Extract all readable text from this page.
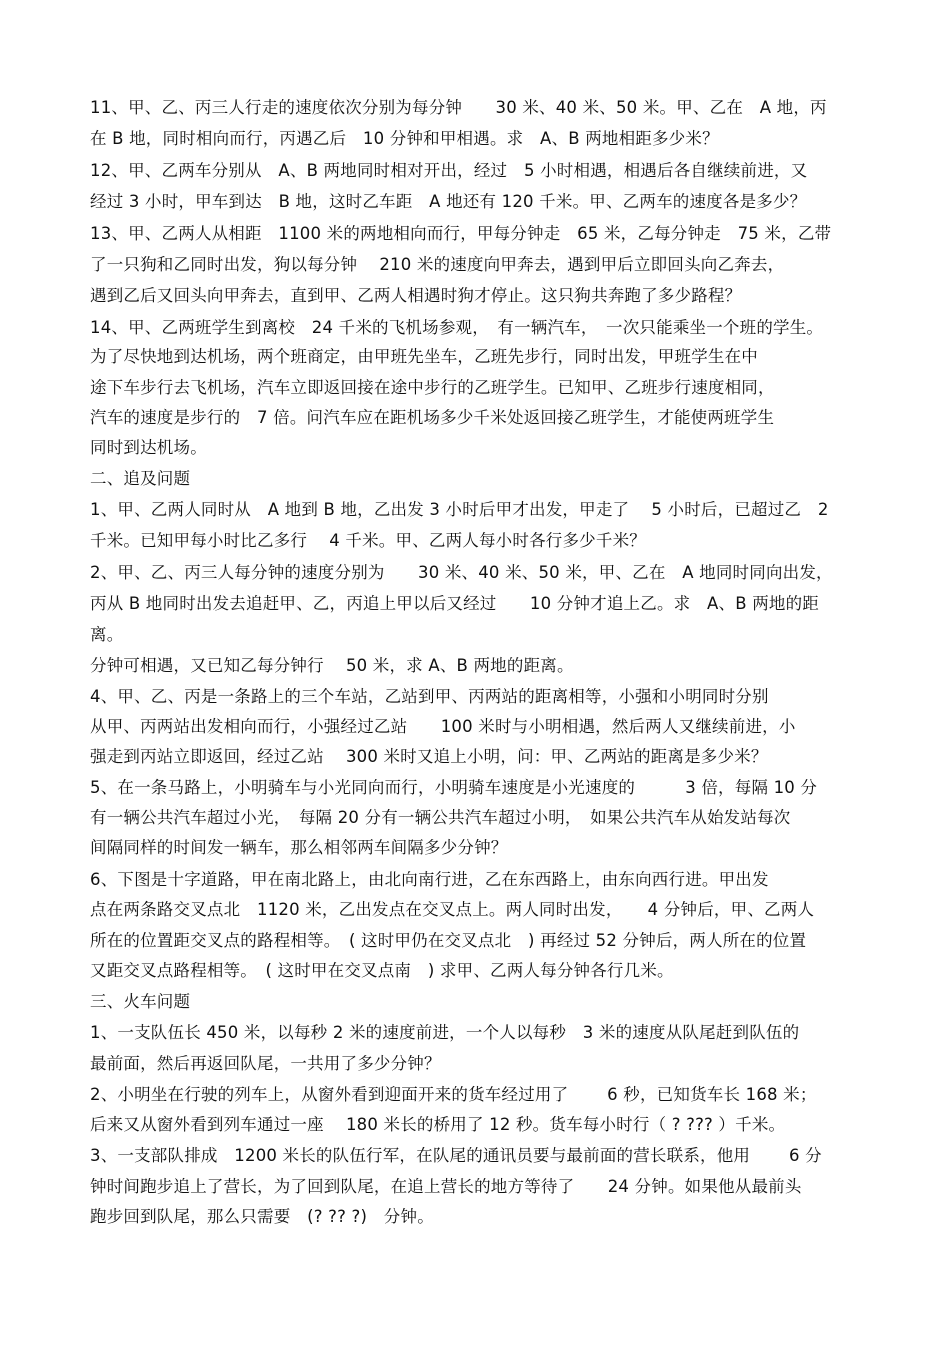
11、甲、乙、丙三人行走的速度依次分别为每分钟　　30 米、40 米、50 米。甲、乙在　A 地，丙
在 B 地，同时相向而行，丙遇乙后　10 分钟和甲相遇。求　A、B 两地相距多少米？
12、甲、乙两车分别从　A、B 两地同时相对开出，经过　5 小时相遇，相遇后各自继续前进，又
经过 3 小时，甲车到达　B 地，这时乙车距　A 地还有 120 千米。甲、乙两车的速度各是多少？
13、甲、乙两人从相距　1100 米的两地相向而行，甲每分钟走　65 米，乙每分钟走　75 米，乙带
了一只狗和乙同时出发，狗以每分钟　 210 米的速度向甲奔去，遇到甲后立即回头向乙奔去，
遇到乙后又回头向甲奔去，直到甲、乙两人相遇时狗才停止。这只狗共奔跑了多少路程？
14、甲、乙两班学生到离校　24 千米的飞机场参观，　有一辆汽车，　一次只能乘坐一个班的学生。
为了尽快地到达机场，两个班商定，由甲班先坐车，乙班先步行，同时出发，甲班学生在中
途下车步行去飞机场，汽车立即返回接在途中步行的乙班学生。已知甲、乙班步行速度相同，
汽车的速度是步行的　7 倍。问汽车应在距机场多少千米处返回接乙班学生，才能使两班学生
同时到达机场。
二、追及问题
1、甲、乙两人同时从　A 地到 B 地，乙出发 3 小时后甲才出发，甲走了　 5 小时后，已超过乙　2
千米。已知甲每小时比乙多行　 4 千米。甲、乙两人每小时各行多少千米？
2、甲、乙、丙三人每分钟的速度分别为　　30 米、40 米、50 米，甲、乙在　A 地同时同向出发，
丙从 B 地同时出发去追赶甲、乙，丙追上甲以后又经过　　10 分钟才追上乙。求　A、B 两地的距
离。
分钟可相遇，又已知乙每分钟行　 50 米，求 A、B 两地的距离。
4、甲、乙、丙是一条路上的三个车站，乙站到甲、丙两站的距离相等，小强和小明同时分别
从甲、丙两站出发相向而行，小强经过乙站　　100 米时与小明相遇，然后两人又继续前进，小
强走到丙站立即返回，经过乙站　 300 米时又追上小明，问：甲、乙两站的距离是多少米？
5、在一条马路上，小明骑车与小光同向而行，小明骑车速度是小光速度的　　　3 倍，每隔 10 分
有一辆公共汽车超过小光，　每隔 20 分有一辆公共汽车超过小明，　如果公共汽车从始发站每次
间隔同样的时间发一辆车，那么相邻两车间隔多少分钟？
6、下图是十字道路，甲在南北路上，由北向南行进，乙在东西路上，由东向西行进。甲出发
点在两条路交叉点北　1120 米，乙出发点在交叉点上。两人同时出发，　　4 分钟后，甲、乙两人
所在的位置距交叉点的路程相等。　( 这时甲仍在交叉点北　) 再经过 52 分钟后，两人所在的位置
又距交叉点路程相等。　( 这时甲在交叉点南　) 求甲、乙两人每分钟各行几米。
三、火车问题
1、一支队伍长 450 米，以每秒 2 米的速度前进，一个人以每秒　3 米的速度从队尾赶到队伍的
最前面，然后再返回队尾，一共用了多少分钟？
2、小明坐在行驶的列车上，从窗外看到迎面开来的货车经过用了　　 6 秒，已知货车长 168 米；
后来又从窗外看到列车通过一座　 180 米长的桥用了 12 秒。货车每小时行（ ? ??? ）千米。
3、一支部队排成　1200 米长的队伍行军，在队尾的通讯员要与最前面的营长联系，他用　　 6 分
钟时间跑步追上了营长，为了回到队尾，在追上营长的地方等待了　　24 分钟。如果他从最前头
跑步回到队尾，那么只需要　(? ?? ?)　分钟。
